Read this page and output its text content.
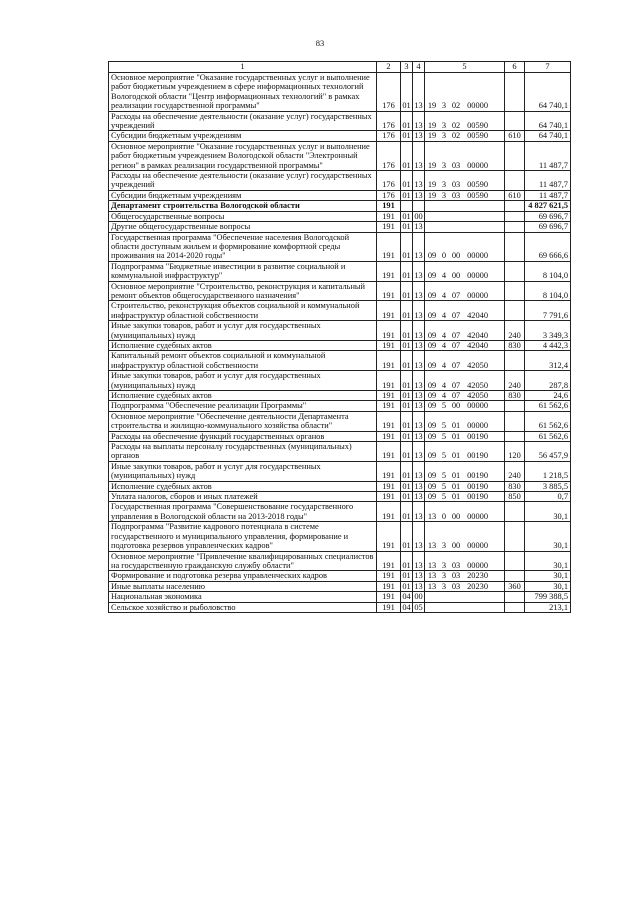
83
1	2	3	4	5	6	7
Основное мероприятие "Оказание государственных услуг и выполнение работ бюджетным учреждением в сфере информационных технологий Вологодской области "Центр информационных технологий" в рамках реализации государственной программы"	176	01	13	19 3 02 00000		64 740,1
Расходы на обеспечение деятельности (оказание услуг) государственных учреждений	176	01	13	19 3 02 00590		64 740,1
Субсидии бюджетным учреждениям	176	01	13	19 3 02 00590	610	64 740,1
Основное мероприятие "Оказание государственных услуг и выполнение работ бюджетным учреждением Вологодской области "Электронный регион" в рамках реализации государственной программы"	176	01	13	19 3 03 00000		11 487,7
Расходы на обеспечение деятельности (оказание услуг) государственных учреждений	176	01	13	19 3 03 00590		11 487,7
Субсидии бюджетным учреждениям	176	01	13	19 3 03 00590	610	11 487,7
Департамент строительства Вологодской области	191					4 827 621,5
Общегосударственные вопросы	191	01	00			69 696,7
Другие общегосударственные вопросы	191	01	13			69 696,7
Государственная программа "Обеспечение населения Вологодской области доступным жильем и формирование комфортной среды проживания на 2014-2020 годы"	191	01	13	09 0 00 00000		69 666,6
Подпрограмма "Бюджетные инвестиции в развитие социальной и коммунальной инфраструктур"	191	01	13	09 4 00 00000		8 104,0
Основное мероприятие "Строительство, реконструкция и капитальный ремонт объектов общегосударственного назначения"	191	01	13	09 4 07 00000		8 104,0
Строительство, реконструкция объектов социальной и коммунальной инфраструктур областной собственности	191	01	13	09 4 07 42040		7 791,6
Иные закупки товаров, работ и услуг для государственных (муниципальных) нужд	191	01	13	09 4 07 42040	240	3 349,3
Исполнение судебных актов	191	01	13	09 4 07 42040	830	4 442,3
Капитальный ремонт объектов социальной и коммунальной инфраструктур областной собственности	191	01	13	09 4 07 42050		312,4
Иные закупки товаров, работ и услуг для государственных (муниципальных) нужд	191	01	13	09 4 07 42050	240	287,8
Исполнение судебных актов	191	01	13	09 4 07 42050	830	24,6
Подпрограмма "Обеспечение реализации Программы"	191	01	13	09 5 00 00000		61 562,6
Основное мероприятие "Обеспечение деятельности Департамента строительства и жилищно-коммунального хозяйства области"	191	01	13	09 5 01 00000		61 562,6
Расходы на обеспечение функций государственных органов	191	01	13	09 5 01 00190		61 562,6
Расходы на выплаты персоналу государственных (муниципальных) органов	191	01	13	09 5 01 00190	120	56 457,9
Иные закупки товаров, работ и услуг для государственных (муниципальных) нужд	191	01	13	09 5 01 00190	240	1 218,5
Исполнение судебных актов	191	01	13	09 5 01 00190	830	3 885,5
Уплата налогов, сборов и иных платежей	191	01	13	09 5 01 00190	850	0,7
Государственная программа "Совершенствование государственного управления в Вологодской области на 2013-2018 годы"	191	01	13	13 0 00 00000		30,1
Подпрограмма "Развитие кадрового потенциала в системе государственного и муниципального управления, формирование и подготовка резервов управленческих кадров"	191	01	13	13 3 00 00000		30,1
Основное мероприятие "Привлечение квалифицированных специалистов на государственную гражданскую службу области"	191	01	13	13 3 03 00000		30,1
Формирование и подготовка резерва управленческих кадров	191	01	13	13 3 03 20230		30,1
Иные выплаты населению	191	01	13	13 3 03 20230	360	30,1
Национальная экономика	191	04	00			799 388,5
Сельское хозяйство и рыболовство	191	04	05			213,1
